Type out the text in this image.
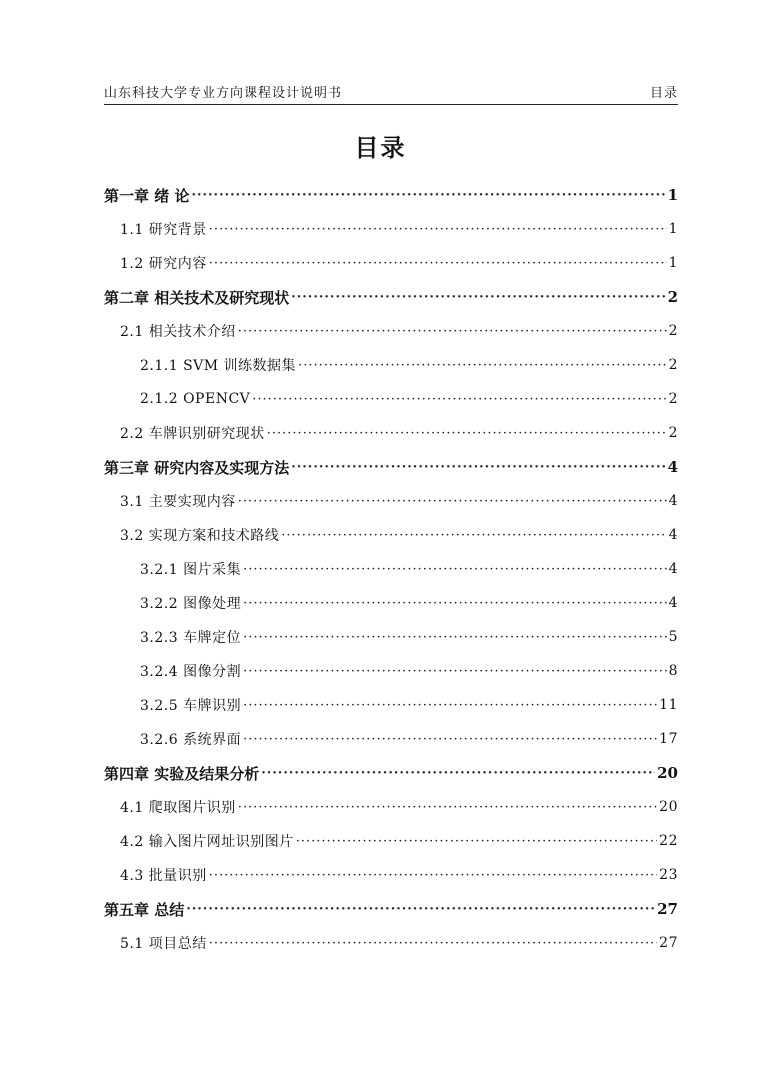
山东科技大学专业方向课程设计说明书	目录
目录
第一章 绪 论 ·····	1
1.1 研究背景 ·····	1
1.2 研究内容 ·····	1
第二章 相关技术及研究现状 ·····	2
2.1 相关技术介绍 ·····	2
2.1.1 SVM 训练数据集 ·····	2
2.1.2 OPENCV ·····	2
2.2 车牌识别研究现状 ·····	2
第三章 研究内容及实现方法 ·····	4
3.1 主要实现内容 ·····	4
3.2 实现方案和技术路线 ·····	4
3.2.1 图片采集 ·····	4
3.2.2 图像处理 ·····	4
3.2.3 车牌定位 ·····	5
3.2.4 图像分割 ·····	8
3.2.5 车牌识别 ·····	11
3.2.6 系统界面 ·····	17
第四章 实验及结果分析 ·····	20
4.1 爬取图片识别 ·····	20
4.2 输入图片网址识别图片 ·····	22
4.3 批量识别 ·····	23
第五章 总结 ·····	27
5.1 项目总结 ·····	27
